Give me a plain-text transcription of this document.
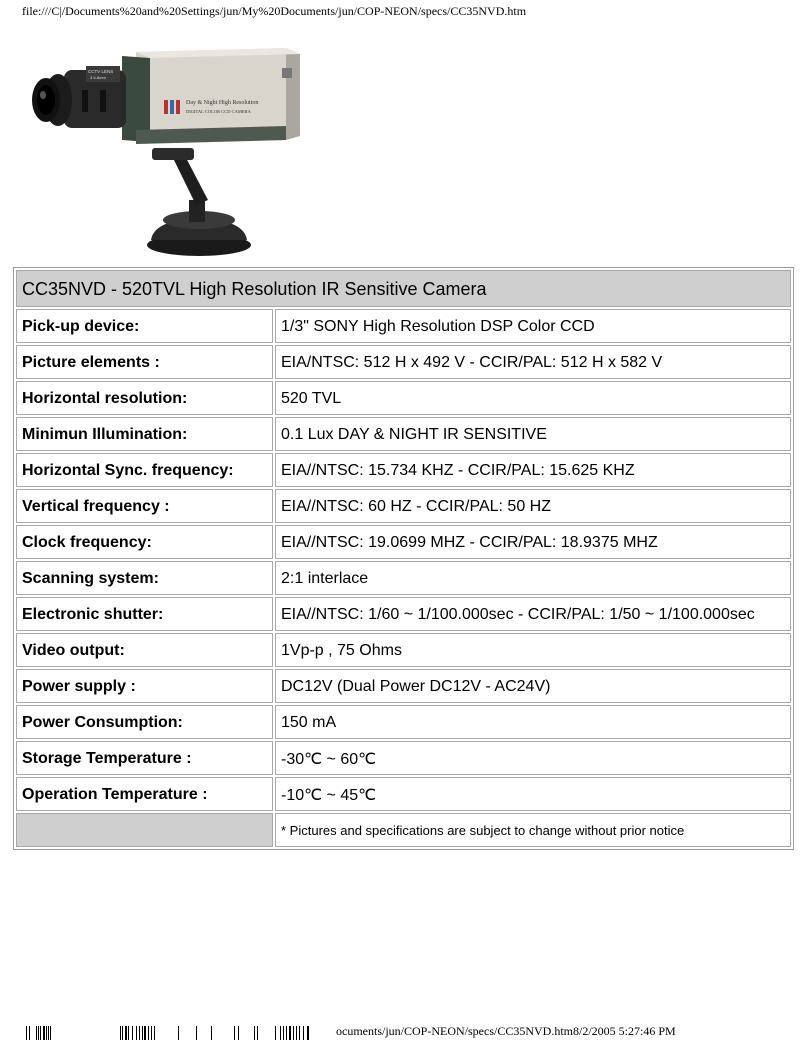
file:///C|/Documents%20and%20Settings/jun/My%20Documents/jun/COP-NEON/specs/CC35NVD.htm
Day & Night High Resolution
DIGITAL COLOR CCD CAMERA
CCTV LENS
3.5-8mm
CC35NVD - 520TVL High Resolution IR Sensitive Camera	
Pick-up device:	1/3" SONY High Resolution DSP Color CCD
Picture elements :	EIA/NTSC: 512 H x 492 V - CCIR/PAL: 512 H x 582 V
Horizontal resolution:	520 TVL
Minimun Illumination:	0.1 Lux DAY & NIGHT IR SENSITIVE
Horizontal Sync. frequency:	EIA//NTSC: 15.734 KHZ - CCIR/PAL: 15.625 KHZ
Vertical frequency :	EIA//NTSC: 60 HZ - CCIR/PAL: 50 HZ
Clock frequency:	EIA//NTSC: 19.0699 MHZ - CCIR/PAL: 18.9375 MHZ
Scanning system:	2:1 interlace
Electronic shutter:	EIA//NTSC: 1/60 ~ 1/100.000sec - CCIR/PAL: 1/50 ~ 1/100.000sec
Video output:	1Vp-p , 75 Ohms
Power supply :	DC12V (Dual Power DC12V - AC24V)
Power Consumption:	150 mA
Storage Temperature :	-30℃ ~ 60℃
Operation Temperature :	-10℃ ~ 45℃
	* Pictures and specifications are subject to change without prior notice
ocuments/jun/COP-NEON/specs/CC35NVD.htm8/2/2005 5:27:46 PM
